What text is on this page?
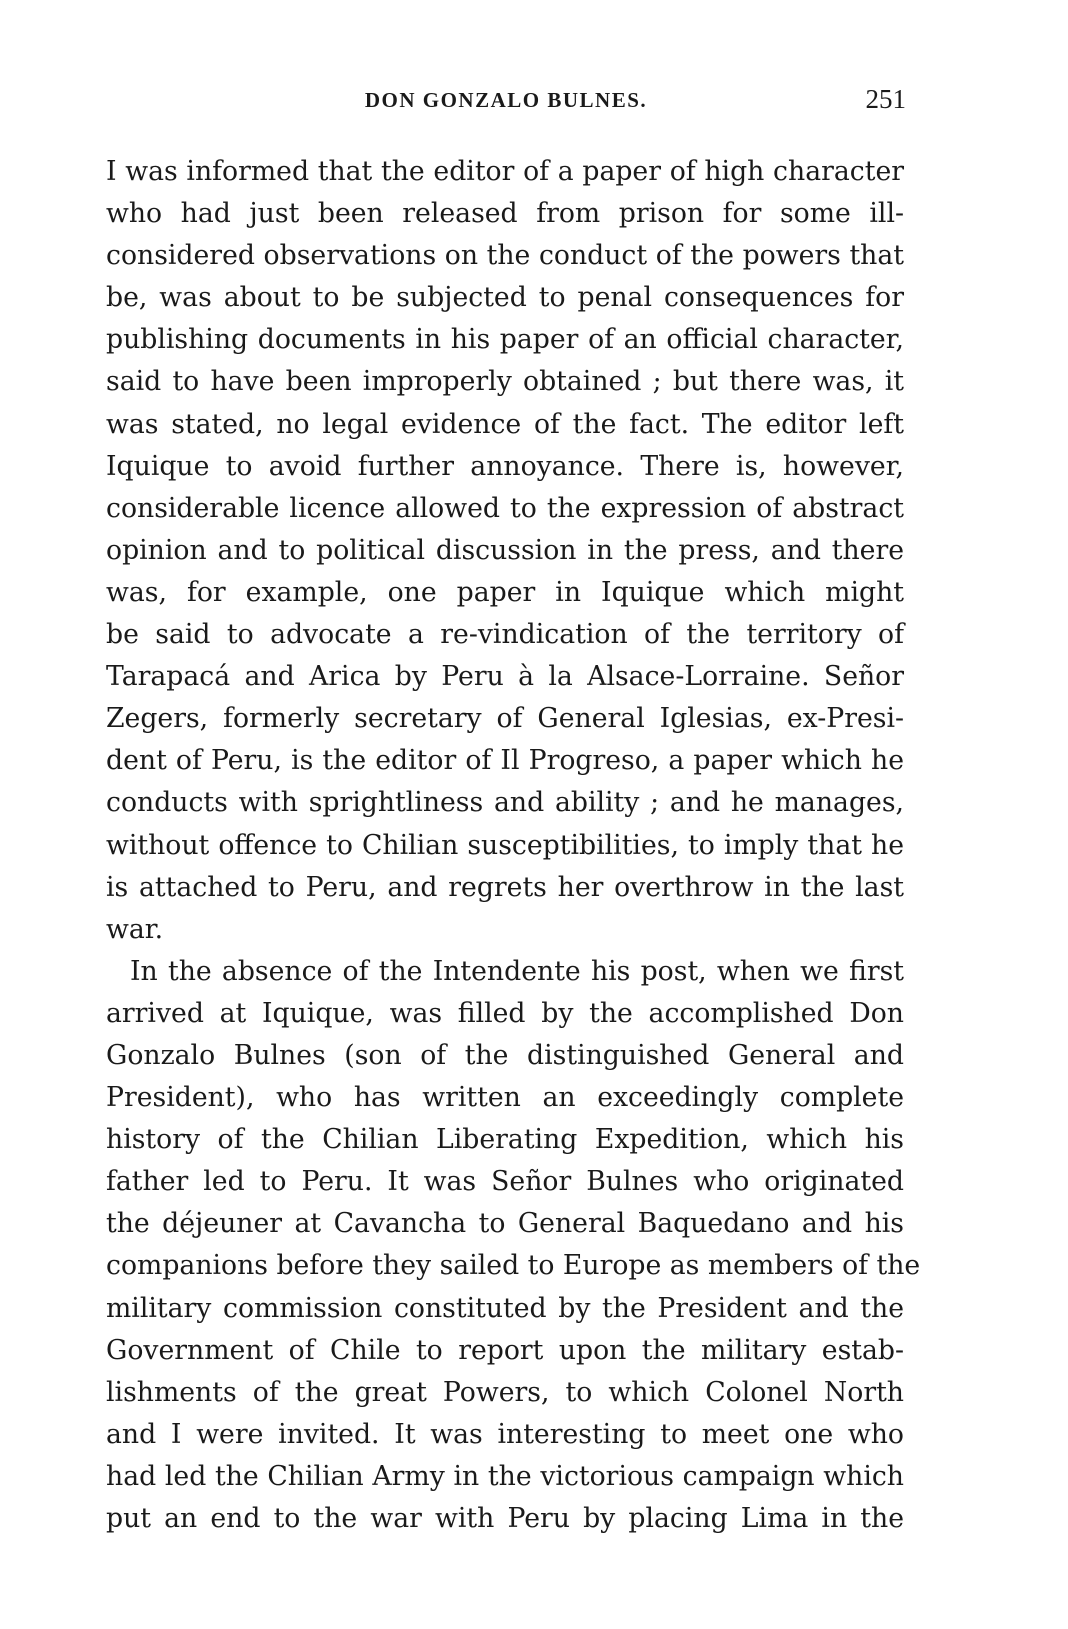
DON GONZALO BULNES.	251
I was informed that the editor of a paper of high character
who had just been released from prison for some ill-
considered observations on the conduct of the powers that
be, was about to be subjected to penal consequences for
publishing documents in his paper of an official character,
said to have been improperly obtained ; but there was, it
was stated, no legal evidence of the fact. The editor left
Iquique to avoid further annoyance. There is, however,
considerable licence allowed to the expression of abstract
opinion and to political discussion in the press, and there
was, for example, one paper in Iquique which might
be said to advocate a re-vindication of the territory of
Tarapacá and Arica by Peru à la Alsace-Lorraine. Señor
Zegers, formerly secretary of General Iglesias, ex-Presi-
dent of Peru, is the editor of Il Progreso, a paper which he
conducts with sprightliness and ability ; and he manages,
without offence to Chilian susceptibilities, to imply that he
is attached to Peru, and regrets her overthrow in the last
war.
In the absence of the Intendente his post, when we first
arrived at Iquique, was filled by the accomplished Don
Gonzalo Bulnes (son of the distinguished General and
President), who has written an exceedingly complete
history of the Chilian Liberating Expedition, which his
father led to Peru. It was Señor Bulnes who originated
the déjeuner at Cavancha to General Baquedano and his
companions before they sailed to Europe as members of the
military commission constituted by the President and the
Government of Chile to report upon the military estab-
lishments of the great Powers, to which Colonel North
and I were invited. It was interesting to meet one who
had led the Chilian Army in the victorious campaign which
put an end to the war with Peru by placing Lima in the
